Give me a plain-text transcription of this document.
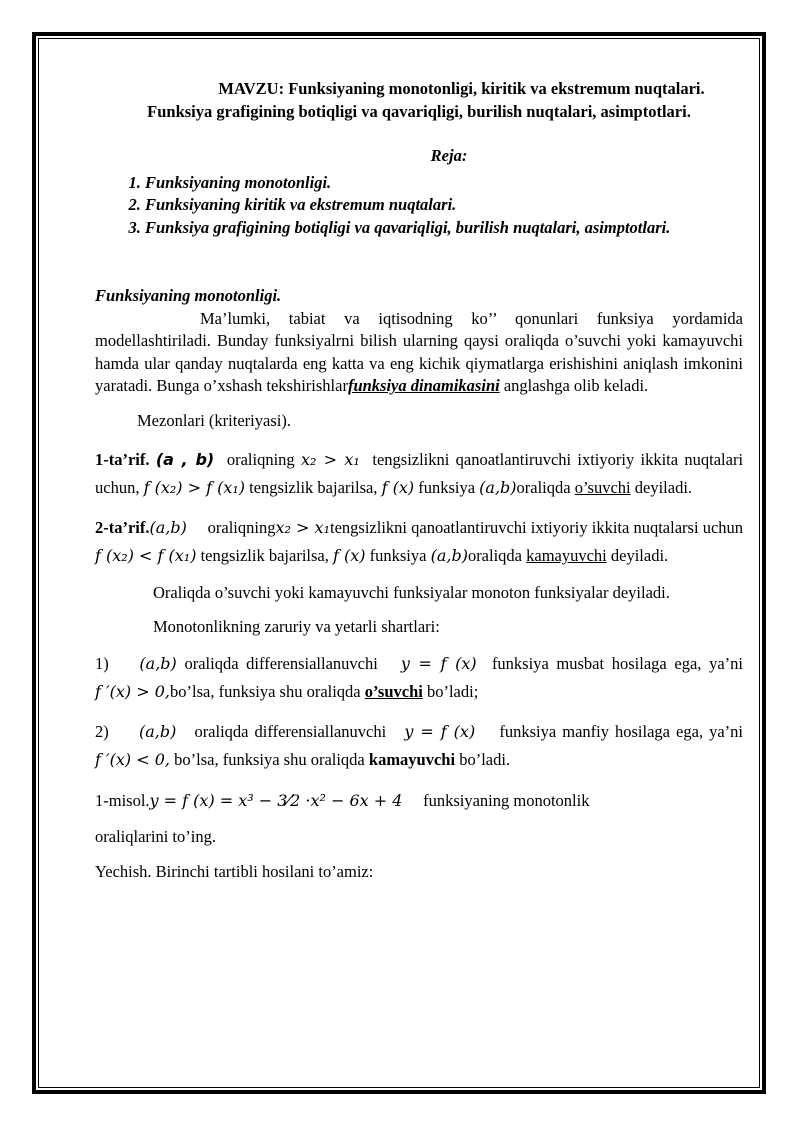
MAVZU: Funksiyaning monotonligi, kiritik va ekstremum nuqtalari.
Funksiya grafigining botiqligi va qavariqligi, burilish nuqtalari, asimptotlari.
Reja:
1. Funksiyaning monotonligi.
2. Funksiyaning kiritik va ekstremum nuqtalari.
3. Funksiya grafigining botiqligi va qavariqligi, burilish nuqtalari, asimptotlari.
Funksiyaning monotonligi.

Ma’lumki, tabiat va iqtisodning ko’’ qonunlari funksiya yordamida modellashtiriladi. Bunday funksiyalrni bilish ularning qaysi oraliqda o’suvchi yoki kamayuvchi hamda ular qanday nuqtalarda eng katta va eng kichik qiymatlarga erishishini aniqlash imkonini yaratadi. Bunga o’xshash tekshirishlarfunksiya dinamikasini anglashga olib keladi.

Mezonlari (kriteriyasi).

1-ta’rif. (a , b) oraliqning x₂ > x₁ tengsizlikni qanoatlantiruvchi ixtiyoriy ikkita nuqtalari uchun, f (x₂) > f (x₁) tengsizlik bajarilsa, f (x) funksiya (a,b)oraliqda o’suvchi deyiladi.

2-ta’rif.(a,b) oraliqningx₂ > x₁tengsizlikni qanoatlantiruvchi ixtiyoriy ikkita nuqtalarsi uchun f (x₂) < f (x₁) tengsizlik bajarilsa, f (x) funksiya (a,b)oraliqda kamayuvchi deyiladi.

Oraliqda o’suvchi yoki kamayuvchi funksiyalar monoton funksiyalar deyiladi.
Monotonlikning zaruriy va yetarli shartlari:

1) (a,b) oraliqda differensiallanuvchi y = f (x) funksiya musbat hosilaga ega, ya’ni f ′(x) > 0,bo’lsa, funksiya shu oraliqda o’suvchi bo’ladi;

2) (a,b) oraliqda differensiallanuvchi y = f (x) funksiya manfiy hosilaga ega, ya’ni f ′(x) < 0, bo’lsa, funksiya shu oraliqda kamayuvchi bo’ladi.

1-misol.y = f (x) = x³ − 3⁄2 ·x² − 6x + 4 funksiyaning monotonlik

oraliqlarini to’ing.
Yechish. Birinchi tartibli hosilani to’amiz:
